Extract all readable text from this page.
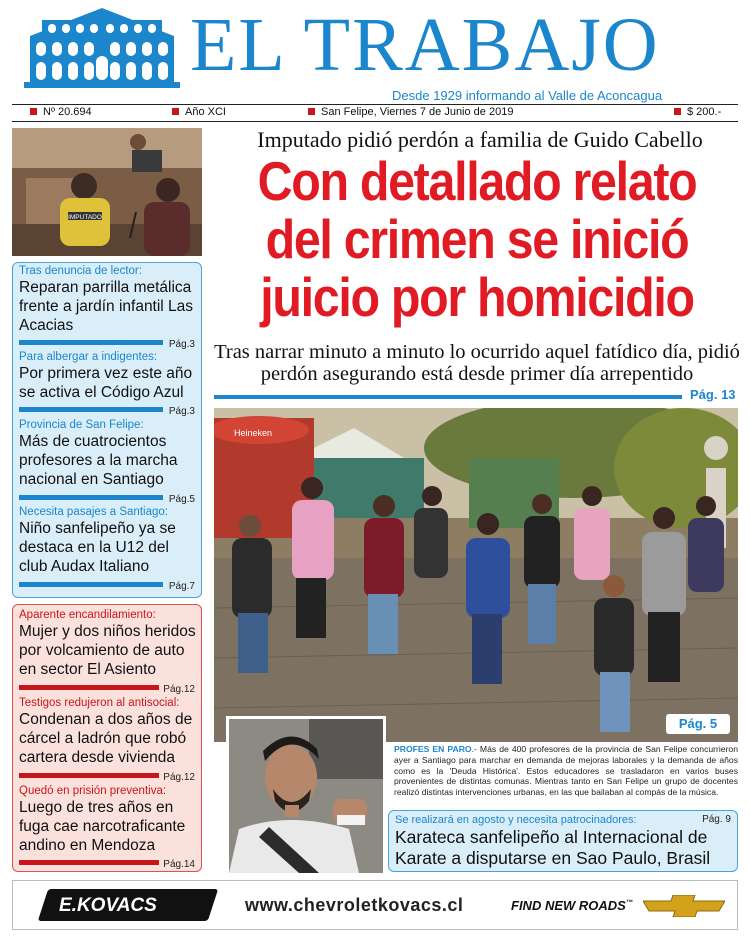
EL TRABAJO
Desde 1929 informando al Valle de Aconcagua
Nº 20.694	Año XCI	San Felipe, Viernes 7 de Junio de 2019	$ 200.-
IMPUTADO
Tras denuncia de lector:
Reparan parrilla metálica frente a jardín infantil Las Acacias
Pág.3
Para albergar a indigentes:
Por primera vez este año se activa el Código Azul
Pág.3
Provincia de San Felipe:
Más de cuatrocientos profesores a la marcha nacional en Santiago
Pág.5
Necesita pasajes a Santiago:
Niño sanfelipeño ya se destaca en la U12 del club Audax Italiano
Pág.7
Aparente encandilamiento:
Mujer y dos niños heridos por volcamiento de auto en sector El Asiento
Pág.12
Testigos redujeron al antisocial:
Condenan a dos años de cárcel a ladrón que robó cartera desde vivienda
Pág.12
Quedó en prisión preventiva:
Luego de tres años en fuga cae narcotraficante andino en Mendoza
Pág.14
Imputado pidió perdón a familia de Guido Cabello
Con detallado relato
del crimen se inició
juicio por homicidio
Tras narrar minuto a minuto lo ocurrido aquel fatídico día, pidió perdón asegurando está desde primer día arrepentido
Pág. 13
Heineken
Pág. 5
PROFES EN PARO.- Más de 400 profesores de la provincia de San Felipe concurrieron ayer a Santiago para marchar en demanda de mejoras laborales y la demanda de años como es la 'Deuda Histórica'. Estos educadores se trasladaron en varios buses provenientes de distintas comunas. Mientras tanto en San Felipe un grupo de docentes realizó distintas intervenciones urbanas, en las que bailaban al compás de la música.
Se realizará en agosto y necesita patrocinadores:	Pág. 9
Karateca sanfelipeño al Internacional de Karate a disputarse en Sao Paulo, Brasil
E.KOVACS	www.chevroletkovacs.cl	FIND NEW ROADS™
